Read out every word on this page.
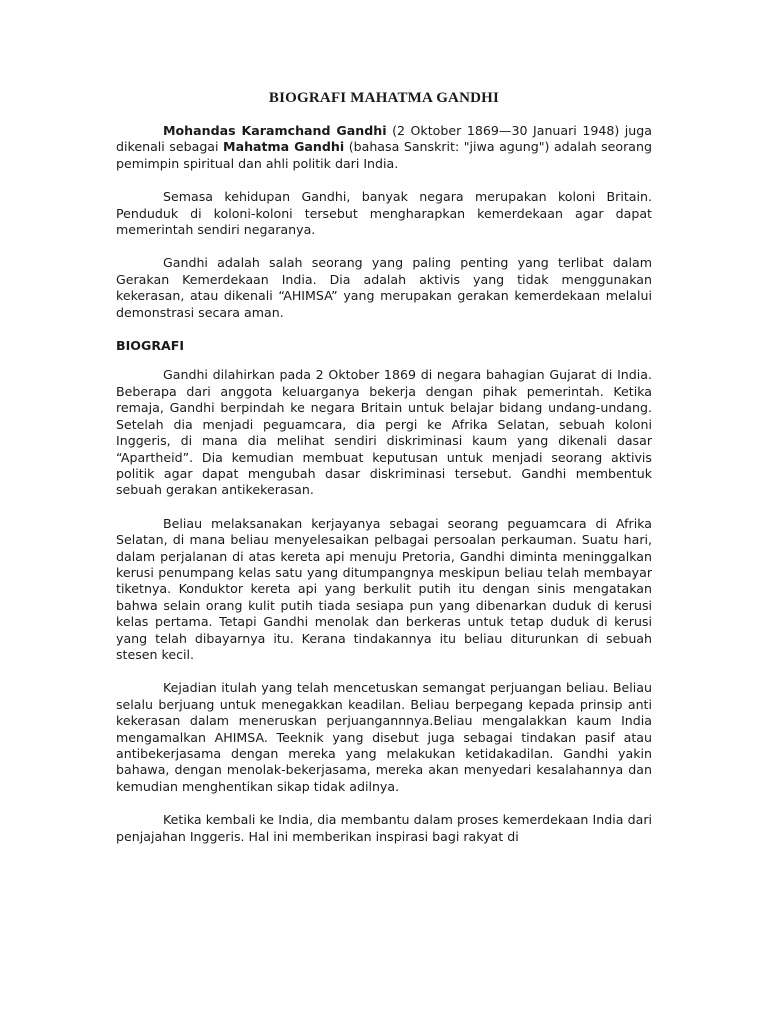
BIOGRAFI MAHATMA GANDHI

Mohandas Karamchand Gandhi (2 Oktober 1869—30 Januari 1948) juga dikenali sebagai Mahatma Gandhi (bahasa Sanskrit: "jiwa agung") adalah seorang pemimpin spiritual dan ahli politik dari India.

Semasa kehidupan Gandhi, banyak negara merupakan koloni Britain. Penduduk di koloni-koloni tersebut mengharapkan kemerdekaan agar dapat memerintah sendiri negaranya.

Gandhi adalah salah seorang yang paling penting yang terlibat dalam Gerakan Kemerdekaan India. Dia adalah aktivis yang tidak menggunakan kekerasan, atau dikenali “AHIMSA” yang merupakan gerakan kemerdekaan melalui demonstrasi secara aman.

BIOGRAFI

Gandhi dilahirkan pada 2 Oktober 1869 di negara bahagian Gujarat di India. Beberapa dari anggota keluarganya bekerja dengan pihak pemerintah. Ketika remaja, Gandhi berpindah ke negara Britain untuk belajar bidang undang-undang. Setelah dia menjadi peguamcara, dia pergi ke Afrika Selatan, sebuah koloni Inggeris, di mana dia melihat sendiri diskriminasi kaum yang dikenali dasar “Apartheid”. Dia kemudian membuat keputusan untuk menjadi seorang aktivis politik agar dapat mengubah dasar diskriminasi tersebut. Gandhi membentuk sebuah gerakan antikekerasan.

Beliau melaksanakan kerjayanya sebagai seorang peguamcara di Afrika Selatan, di mana beliau menyelesaikan pelbagai persoalan perkauman. Suatu hari, dalam perjalanan di atas kereta api menuju Pretoria, Gandhi diminta meninggalkan kerusi penumpang kelas satu yang ditumpangnya meskipun beliau telah membayar tiketnya. Konduktor kereta api yang berkulit putih itu dengan sinis mengatakan bahwa selain orang kulit putih tiada sesiapa pun yang dibenarkan duduk di kerusi kelas pertama. Tetapi Gandhi menolak dan berkeras untuk tetap duduk di kerusi yang telah dibayarnya itu. Kerana tindakannya itu beliau diturunkan di sebuah stesen kecil.

Kejadian itulah yang telah mencetuskan semangat perjuangan beliau. Beliau selalu berjuang untuk menegakkan keadilan. Beliau berpegang kepada prinsip anti kekerasan dalam meneruskan perjuangannnya.Beliau mengalakkan kaum India mengamalkan AHIMSA. Teeknik yang disebut juga sebagai tindakan pasif atau antibekerjasama dengan mereka yang melakukan ketidakadilan. Gandhi yakin bahawa, dengan menolak-bekerjasama, mereka akan menyedari kesalahannya dan kemudian menghentikan sikap tidak adilnya.

Ketika kembali ke India, dia membantu dalam proses kemerdekaan India dari penjajahan Inggeris. Hal ini memberikan inspirasi bagi rakyat di
